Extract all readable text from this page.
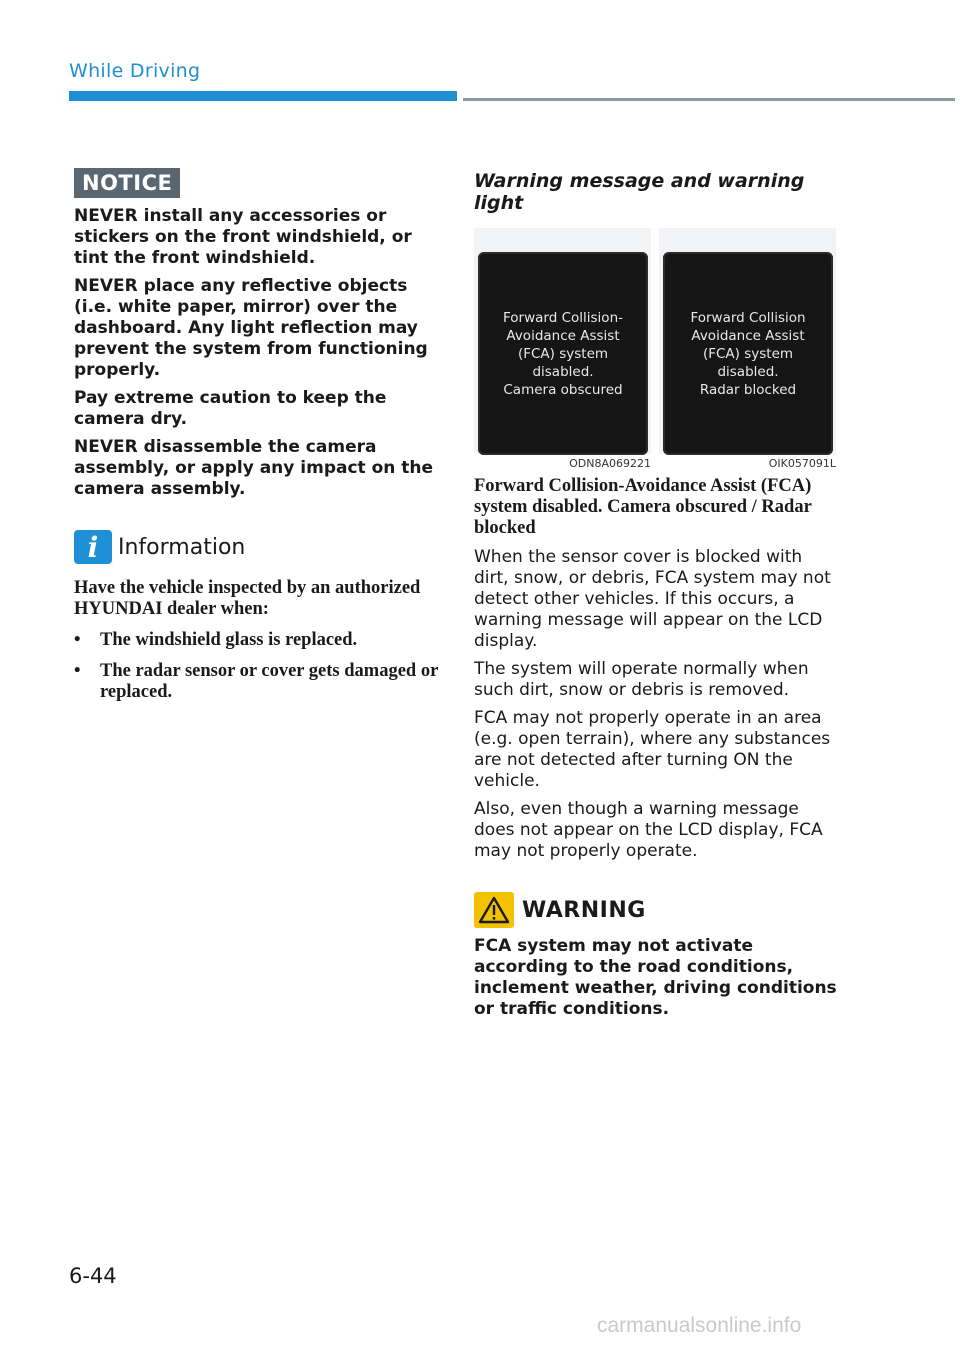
While Driving
NOTICE

NEVER install any accessories or stickers on the front windshield, or tint the front windshield.

NEVER place any reflective objects (i.e. white paper, mirror) over the dashboard. Any light reflection may prevent the system from functioning properly.

Pay extreme caution to keep the camera dry.

NEVER disassemble the camera assembly, or apply any impact on the camera assembly.

i Information
Have the vehicle inspected by an authorized HYUNDAI dealer when:
• The windshield glass is replaced.
• The radar sensor or cover gets damaged or replaced.
Warning message and warning light
Forward Collision-
Avoidance Assist
(FCA) system
disabled.
Camera obscured
Forward Collision
Avoidance Assist
(FCA) system
disabled.
Radar blocked
ODN8A069221	OIK057091L
Forward Collision-Avoidance Assist (FCA) system disabled. Camera obscured / Radar blocked

When the sensor cover is blocked with dirt, snow, or debris, FCA system may not detect other vehicles. If this occurs, a warning message will appear on the LCD display.

The system will operate normally when such dirt, snow or debris is removed.

FCA may not properly operate in an area (e.g. open terrain), where any substances are not detected after turning ON the vehicle.

Also, even though a warning message does not appear on the LCD display, FCA may not properly operate.

WARNING

FCA system may not activate according to the road conditions, inclement weather, driving conditions or traffic conditions.

6-44
carmanualsonline.info
